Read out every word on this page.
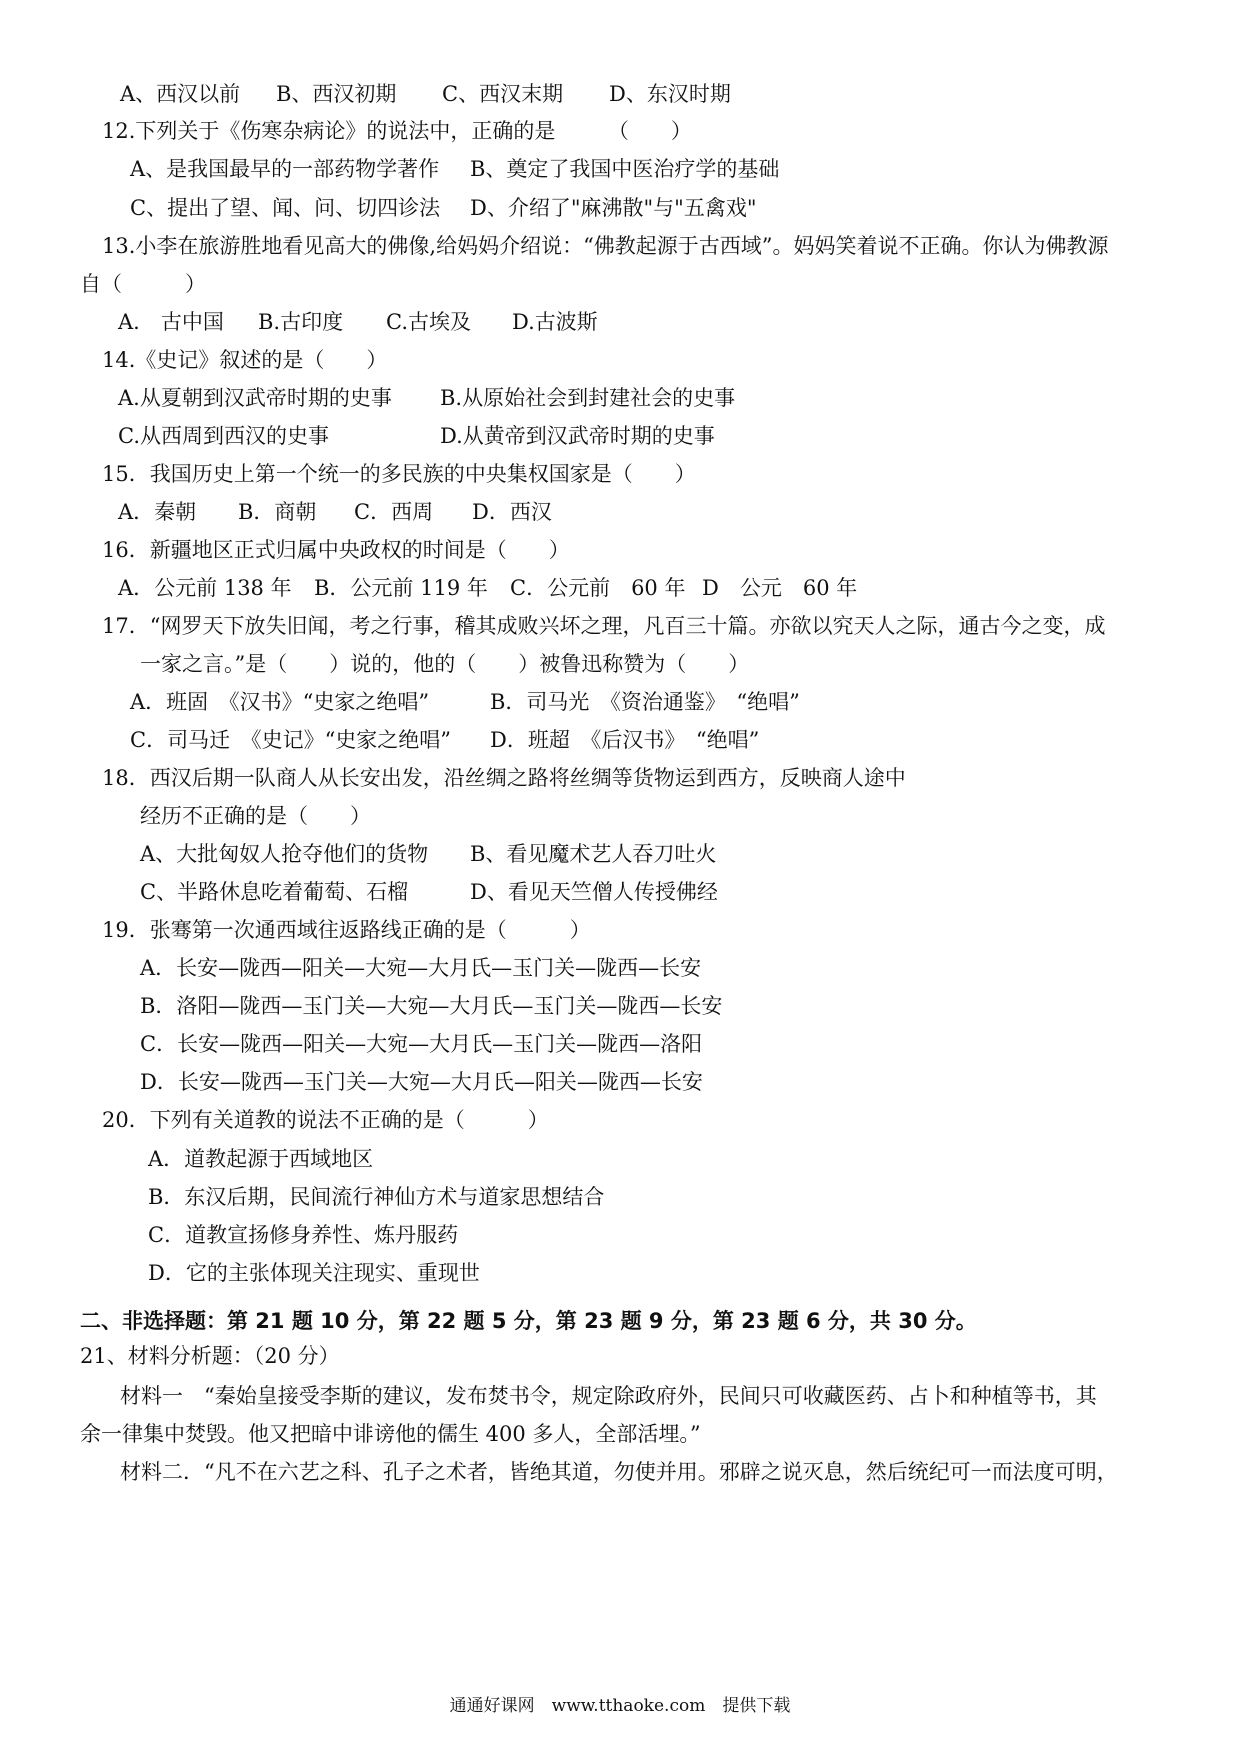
A、西汉以前 B、西汉初期 C、西汉末期 D、东汉时期
12.下列关于《伤寒杂病论》的说法中，正确的是　　　（　　）
A、是我国最早的一部药物学著作 B、奠定了我国中医治疗学的基础
C、提出了望、闻、问、切四诊法 D、介绍了"麻沸散"与"五禽戏"
13.小李在旅游胜地看见高大的佛像,给妈妈介绍说：“佛教起源于古西域”。妈妈笑着说不正确。你认为佛教源
自（　　　）
A.　古中国 B.古印度 C.古埃及 D.古波斯
14.《史记》叙述的是（　　）
A.从夏朝到汉武帝时期的史事 B.从原始社会到封建社会的史事
C.从西周到西汉的史事	D.从黄帝到汉武帝时期的史事
15．我国历史上第一个统一的多民族的中央集权国家是（　　）
A．秦朝 B．商朝 C．西周 D．西汉
16．新疆地区正式归属中央政权的时间是（　　）
A．公元前 138 年 B．公元前 119 年 C．公元前　60 年 D　公元　60 年
17．“网罗天下放失旧闻，考之行事，稽其成败兴坏之理，凡百三十篇。亦欲以究天人之际，通古今之变，成
一家之言。”是（　　）说的，他的（　　）被鲁迅称赞为（　　）
A．班固　《汉书》“史家之绝唱”	B．司马光　《资治通鉴》　“绝唱”
C．司马迁　《史记》“史家之绝唱” D．班超　《后汉书》　“绝唱”
18．西汉后期一队商人从长安出发，沿丝绸之路将丝绸等货物运到西方，反映商人途中
经历不正确的是（　　）
A、大批匈奴人抢夺他们的货物 B、看见魔术艺人吞刀吐火
C、半路休息吃着葡萄、石榴	D、看见天竺僧人传授佛经
19．张骞第一次通西域往返路线正确的是（　　　）
A．长安—陇西—阳关—大宛—大月氏—玉门关—陇西—长安
B．洛阳—陇西—玉门关—大宛—大月氏—玉门关—陇西—长安
C．长安—陇西—阳关—大宛—大月氏—玉门关—陇西—洛阳
D．长安—陇西—玉门关—大宛—大月氏—阳关—陇西—长安
20．下列有关道教的说法不正确的是（　　　）
A．道教起源于西域地区
B．东汉后期，民间流行神仙方术与道家思想结合
C．道教宣扬修身养性、炼丹服药
D．它的主张体现关注现实、重现世
二、非选择题：第 21 题 10 分，第 22 题 5 分，第 23 题 9 分，第 23 题 6 分，共 30 分。
21、材料分析题：（20 分）
材料一　“秦始皇接受李斯的建议，发布焚书令，规定除政府外，民间只可收藏医药、占卜和种植等书，其
余一律集中焚毁。他又把暗中诽谤他的儒生 400 多人，全部活埋。”
材料二．“凡不在六艺之科、孔子之术者，皆绝其道，勿使并用。邪辟之说灭息，然后统纪可一而法度可明，
通通好课网　www.tthaoke.com　提供下载
